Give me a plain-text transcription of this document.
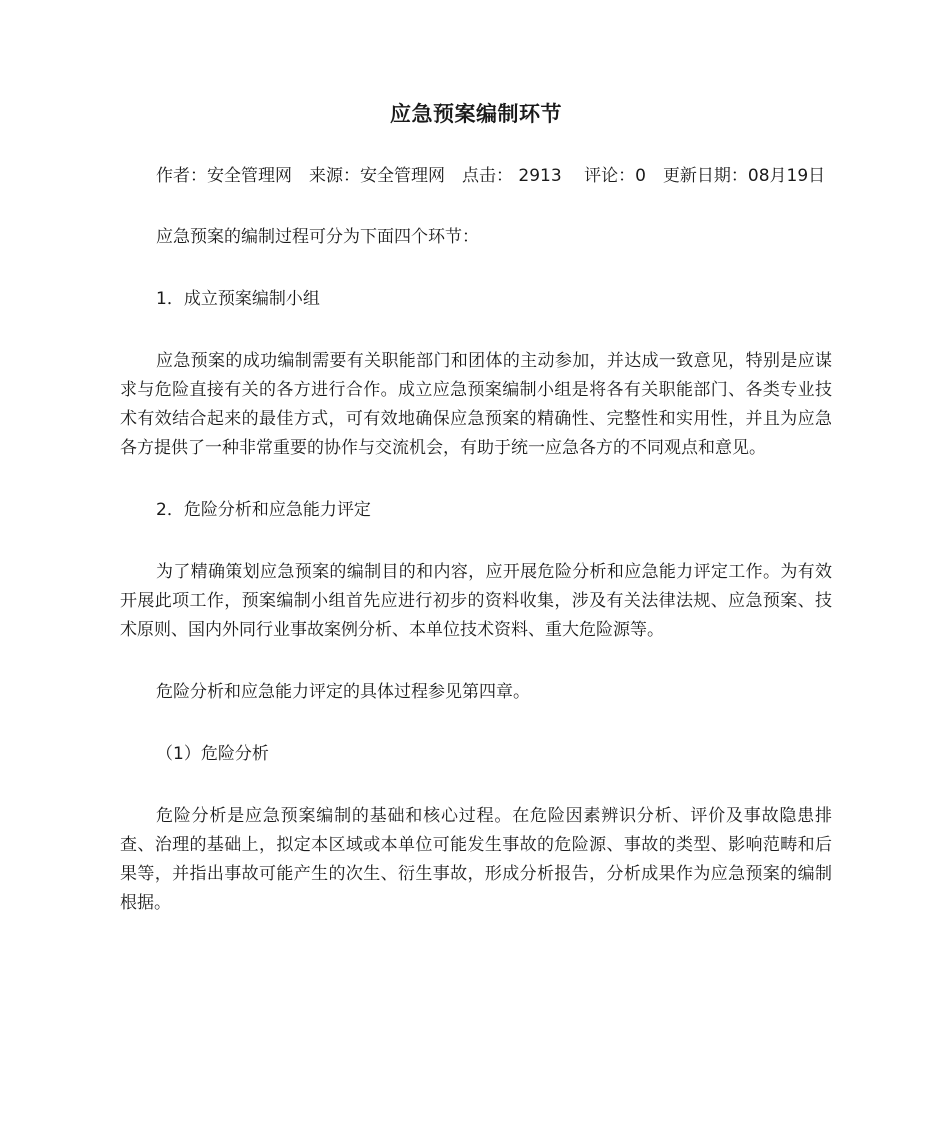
应急预案编制环节

作者：安全管理网　来源：安全管理网　点击： 2913　 评论：0　更新日期：08月19日

应急预案的编制过程可分为下面四个环节：

1．成立预案编制小组

应急预案的成功编制需要有关职能部门和团体的主动参加，并达成一致意见，特别是应谋求与危险直接有关的各方进行合作。成立应急预案编制小组是将各有关职能部门、各类专业技术有效结合起来的最佳方式，可有效地确保应急预案的精确性、完整性和实用性，并且为应急各方提供了一种非常重要的协作与交流机会，有助于统一应急各方的不同观点和意见。

2．危险分析和应急能力评定

为了精确策划应急预案的编制目的和内容，应开展危险分析和应急能力评定工作。为有效开展此项工作，预案编制小组首先应进行初步的资料收集，涉及有关法律法规、应急预案、技术原则、国内外同行业事故案例分析、本单位技术资料、重大危险源等。

危险分析和应急能力评定的具体过程参见第四章。

（1）危险分析

危险分析是应急预案编制的基础和核心过程。在危险因素辨识分析、评价及事故隐患排查、治理的基础上，拟定本区域或本单位可能发生事故的危险源、事故的类型、影响范畴和后果等，并指出事故可能产生的次生、衍生事故，形成分析报告，分析成果作为应急预案的编制根据。
